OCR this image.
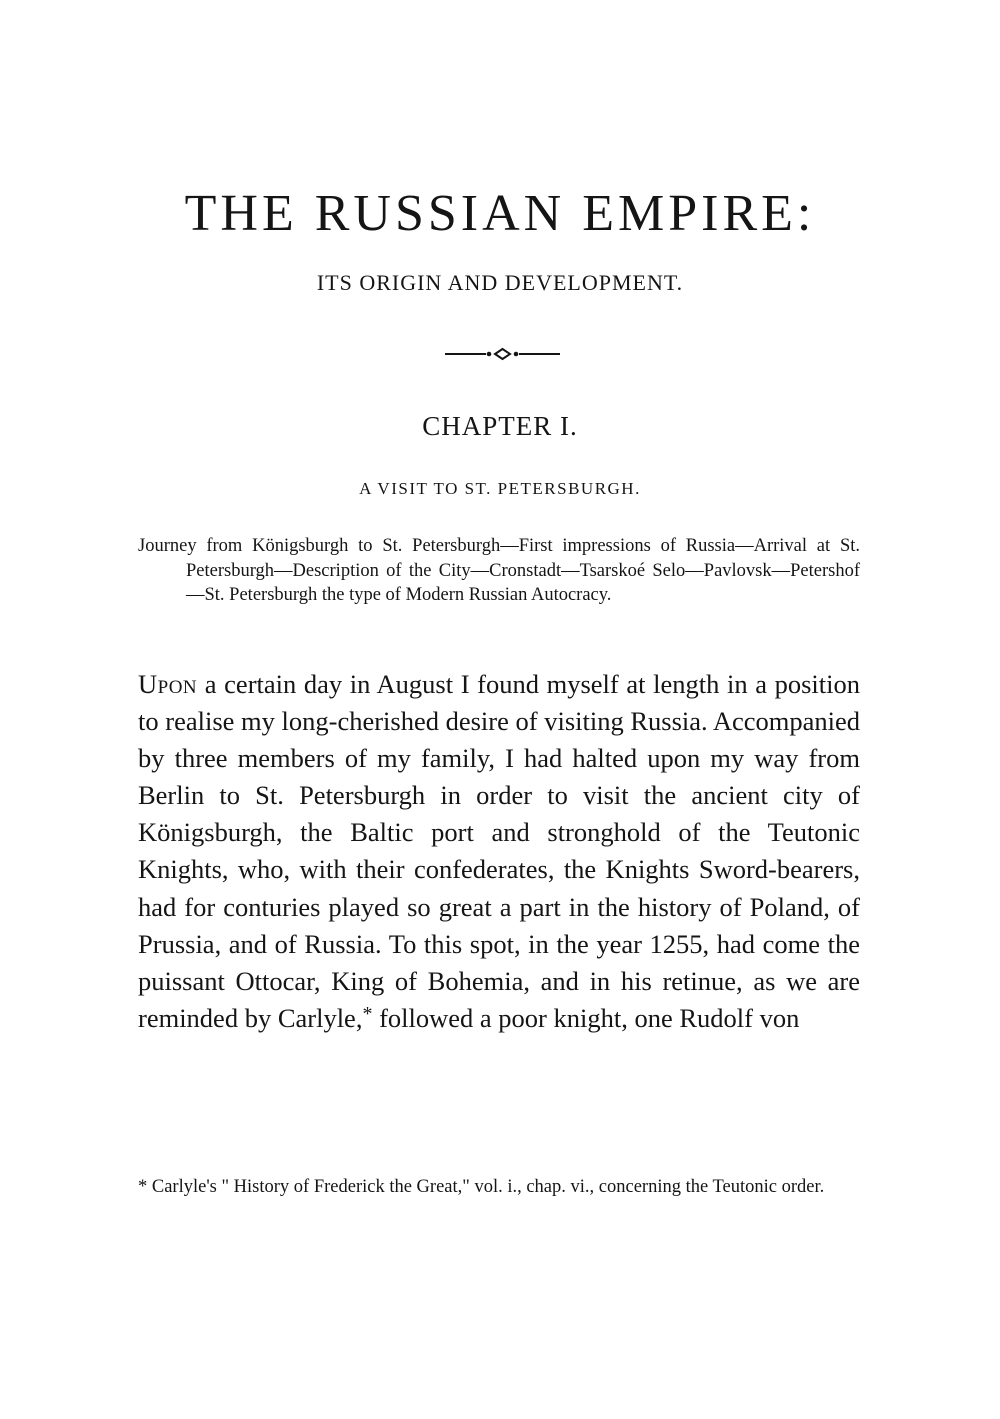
THE RUSSIAN EMPIRE:
ITS ORIGIN AND DEVELOPMENT.
CHAPTER I.
A VISIT TO ST. PETERSBURGH.

Journey from Königsburgh to St. Petersburgh—First impressions of Russia—Arrival at St. Petersburgh—Description of the City—Cronstadt—Tsarskoé Selo—Pavlovsk—Petershof—St. Petersburgh the type of Modern Russian Autocracy.

Upon a certain day in August I found myself at length in a position to realise my long-cherished desire of visiting Russia. Accompanied by three members of my family, I had halted upon my way from Berlin to St. Petersburgh in order to visit the ancient city of Königsburgh, the Baltic port and stronghold of the Teutonic Knights, who, with their confederates, the Knights Sword-bearers, had for conturies played so great a part in the history of Poland, of Prussia, and of Russia. To this spot, in the year 1255, had come the puissant Ottocar, King of Bohemia, and in his retinue, as we are reminded by Carlyle,* followed a poor knight, one Rudolf von

* Carlyle's " History of Frederick the Great," vol. i., chap. vi., concerning the Teutonic order.
